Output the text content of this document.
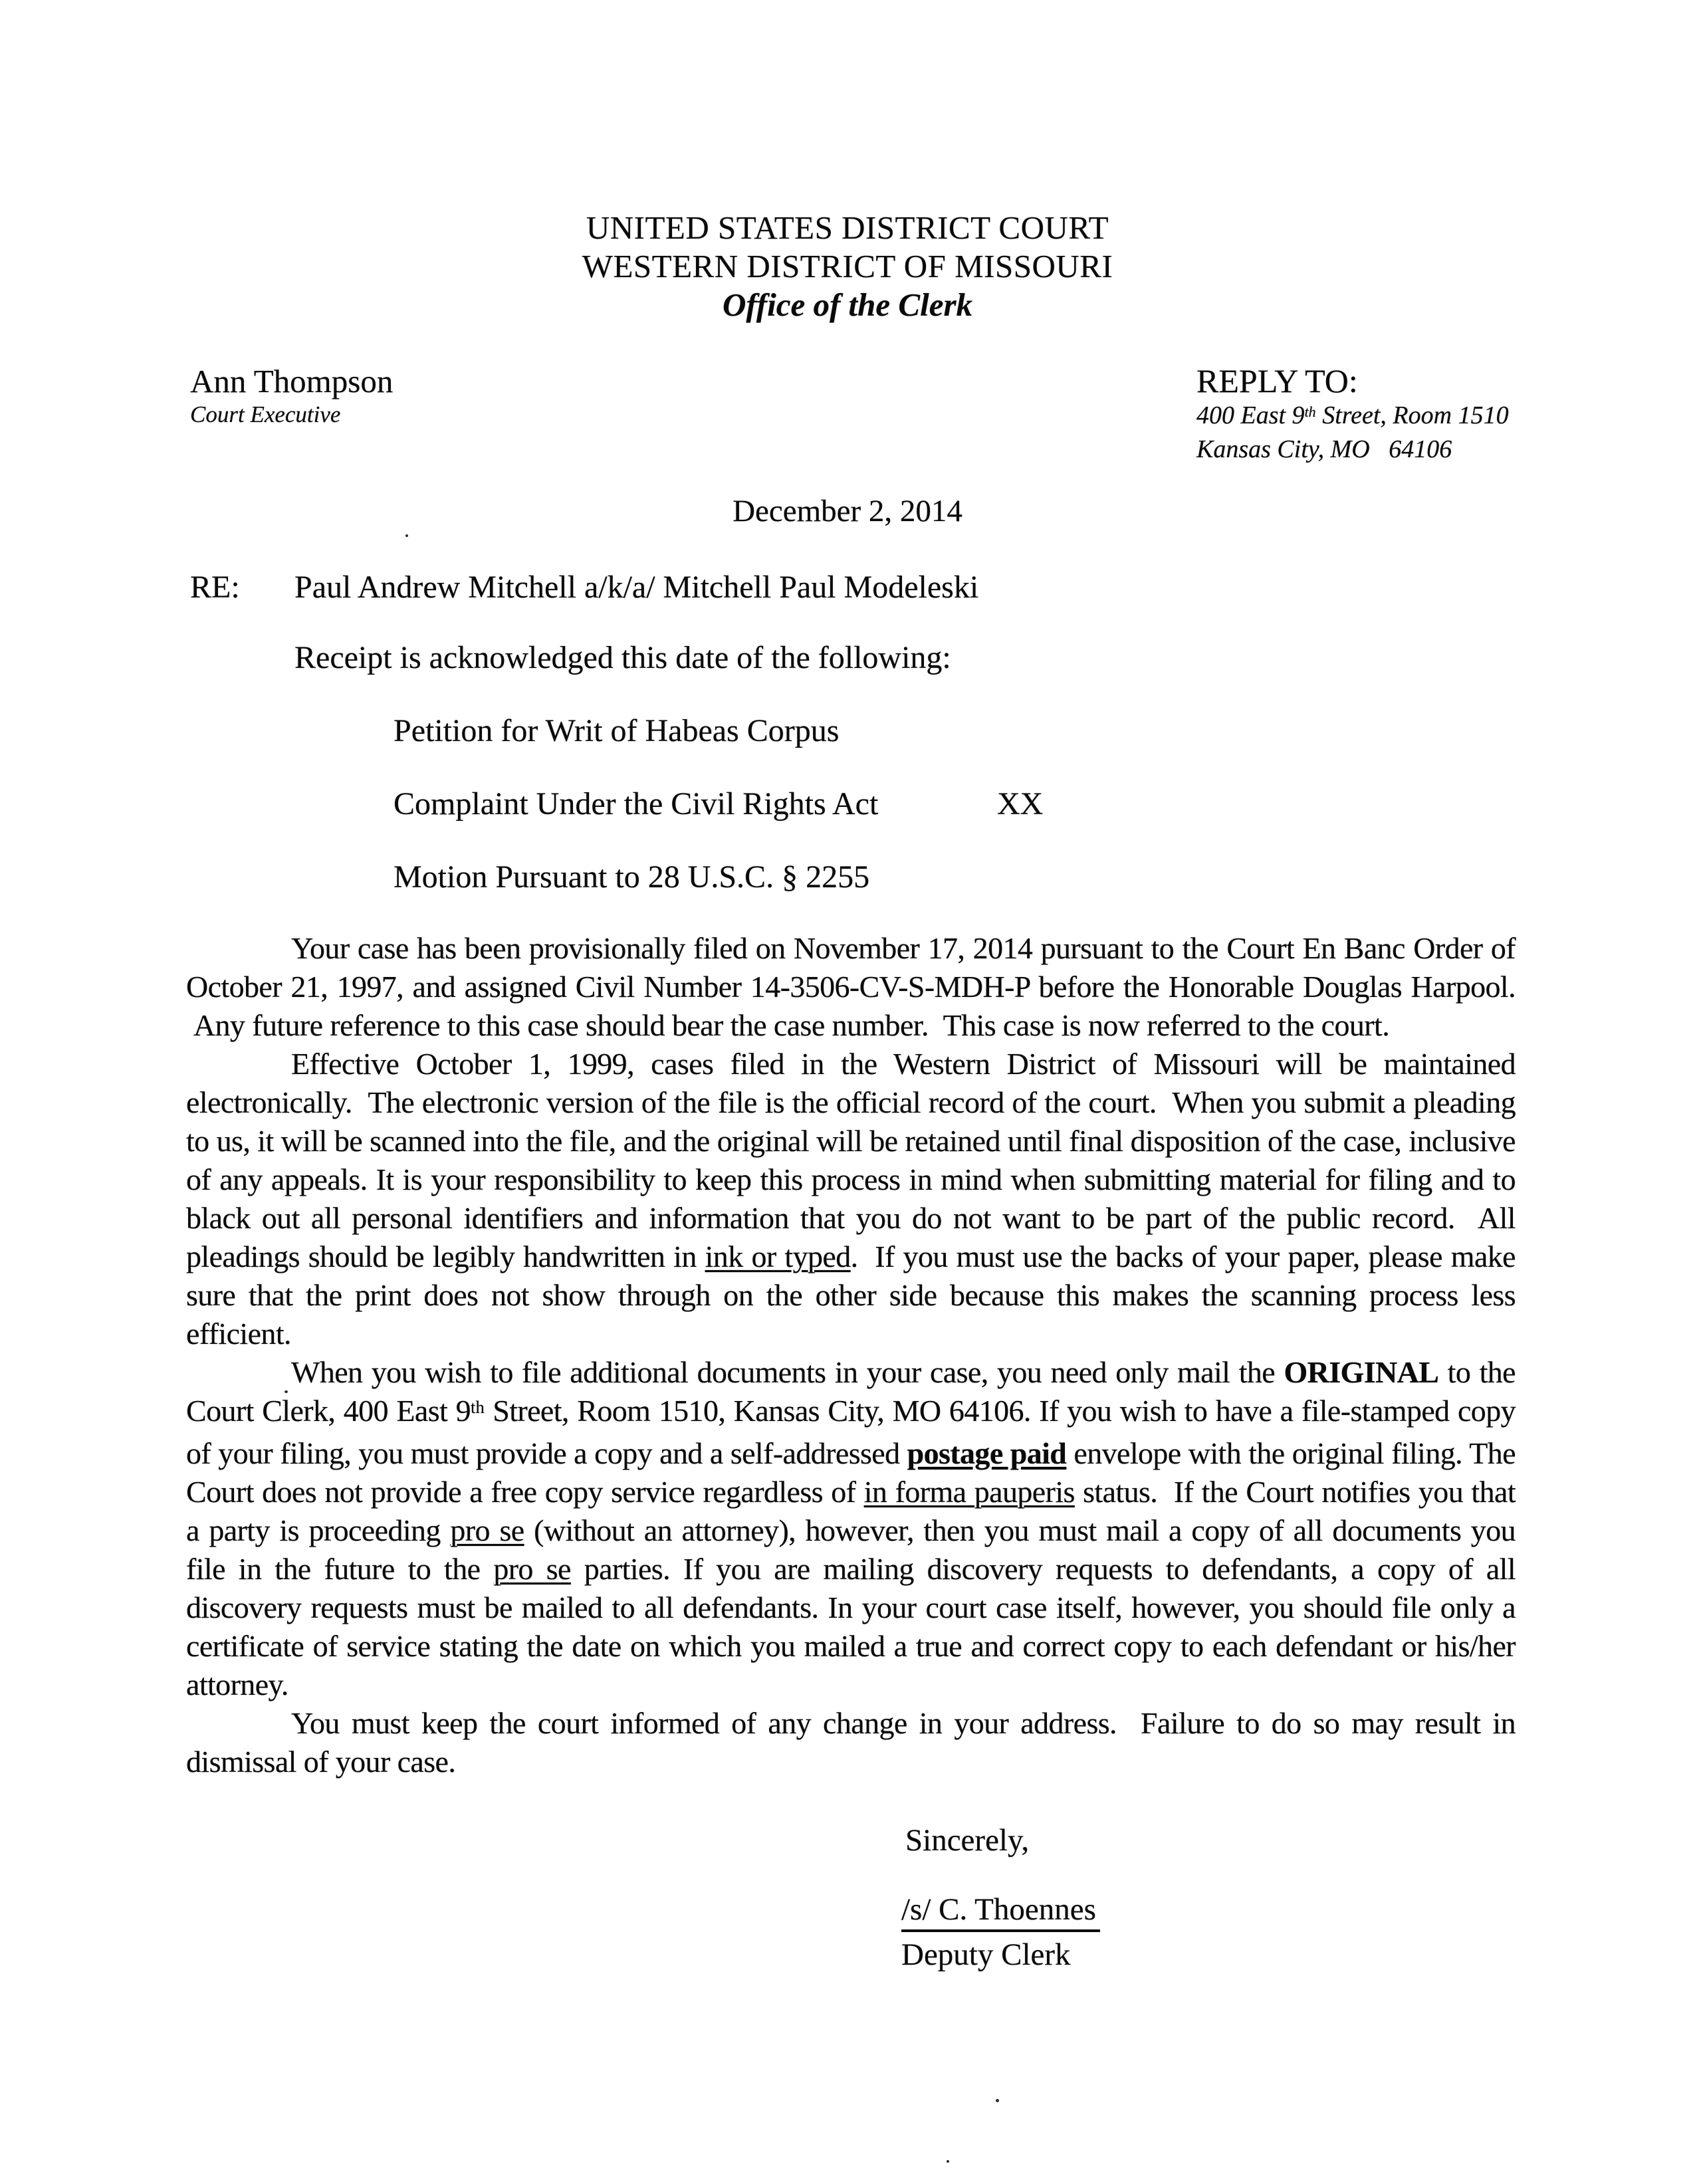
UNITED STATES DISTRICT COURT
WESTERN DISTRICT OF MISSOURI
Office of the Clerk
Ann Thompson
Court Executive
REPLY TO:
400 East 9th Street, Room 1510
Kansas City, MO   64106
December 2, 2014
RE: Paul Andrew Mitchell a/k/a/ Mitchell Paul Modeleski
Receipt is acknowledged this date of the following:
Petition for Writ of Habeas Corpus
Complaint Under the Civil Rights Act	XX
Motion Pursuant to 28 U.S.C. § 2255

Your case has been provisionally filed on November 17, 2014 pursuant to the Court En Banc Order of October 21, 1997, and assigned Civil Number 14-3506-CV-S-MDH-P before the Honorable Douglas Harpool.  Any future reference to this case should bear the case number.  This case is now referred to the court.

Effective October 1, 1999, cases filed in the Western District of Missouri will be maintained electronically.  The electronic version of the file is the official record of the court.  When you submit a pleading to us, it will be scanned into the file, and the original will be retained until final disposition of the case, inclusive of any appeals. It is your responsibility to keep this process in mind when submitting material for filing and to black out all personal identifiers and information that you do not want to be part of the public record.  All pleadings should be legibly handwritten in ink or typed.  If you must use the backs of your paper, please make sure that the print does not show through on the other side because this makes the scanning process less efficient.

When you wish to file additional documents in your case, you need only mail the ORIGINAL to the Court Clerk, 400 East 9th Street, Room 1510, Kansas City, MO 64106. If you wish to have a file-stamped copy of your filing, you must provide a copy and a self-addressed postage paid envelope with the original filing. The Court does not provide a free copy service regardless of in forma pauperis status.  If the Court notifies you that a party is proceeding pro se (without an attorney), however, then you must mail a copy of all documents you file in the future to the pro se parties. If you are mailing discovery requests to defendants, a copy of all discovery requests must be mailed to all defendants. In your court case itself, however, you should file only a certificate of service stating the date on which you mailed a true and correct copy to each defendant or his/her attorney.

You must keep the court informed of any change in your address.  Failure to do so may result in dismissal of your case.

Sincerely,
/s/ C. Thoennes
Deputy Clerk
